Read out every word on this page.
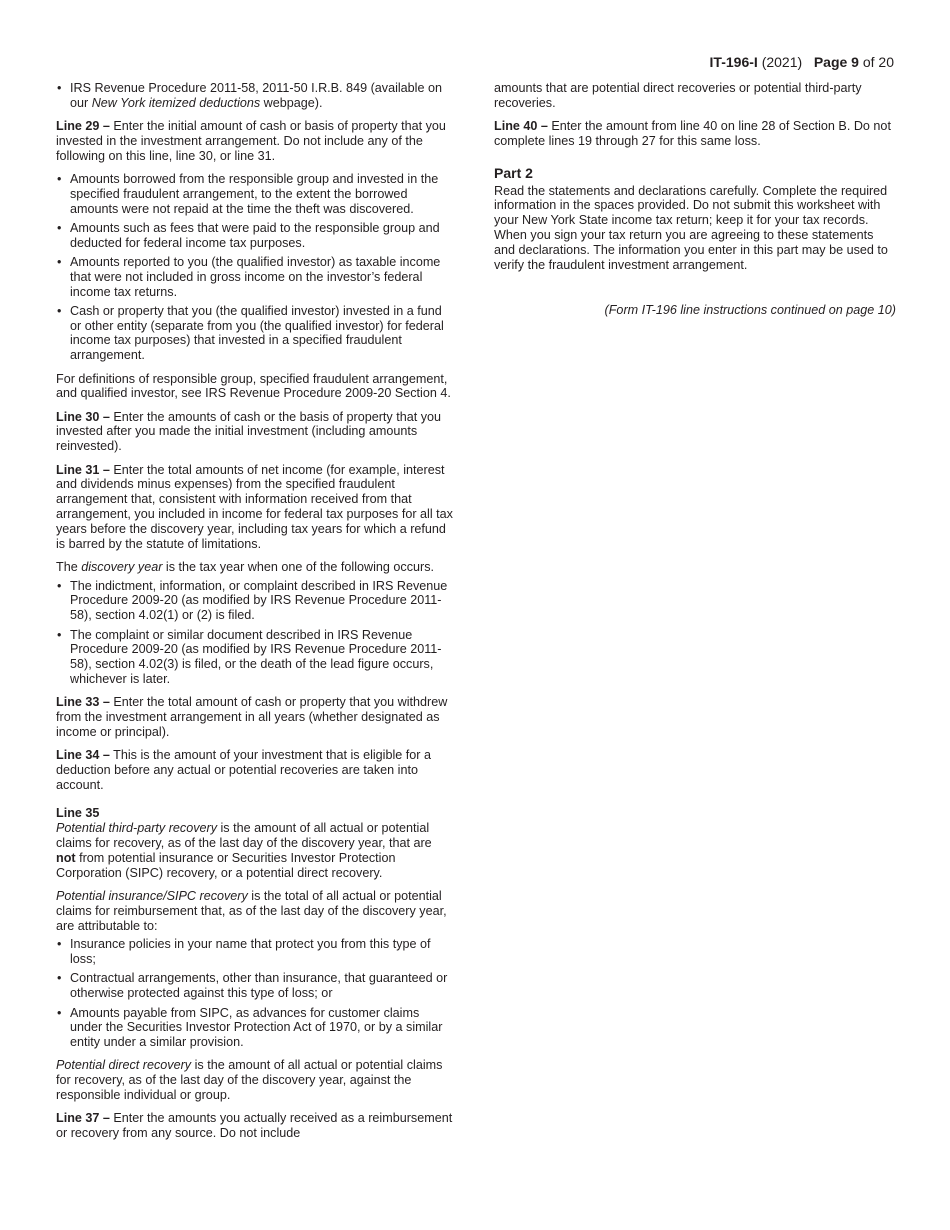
IT-196-I (2021) Page 9 of 20
• IRS Revenue Procedure 2011-58, 2011-50 I.R.B. 849 (available on our New York itemized deductions webpage).

Line 29 – Enter the initial amount of cash or basis of property that you invested in the investment arrangement. Do not include any of the following on this line, line 30, or line 31.

• Amounts borrowed from the responsible group and invested in the specified fraudulent arrangement, to the extent the borrowed amounts were not repaid at the time the theft was discovered.
• Amounts such as fees that were paid to the responsible group and deducted for federal income tax purposes.
• Amounts reported to you (the qualified investor) as taxable income that were not included in gross income on the investor’s federal income tax returns.
• Cash or property that you (the qualified investor) invested in a fund or other entity (separate from you (the qualified investor) for federal income tax purposes) that invested in a specified fraudulent arrangement.

For definitions of responsible group, specified fraudulent arrangement, and qualified investor, see IRS Revenue Procedure 2009-20 Section 4.

Line 30 – Enter the amounts of cash or the basis of property that you invested after you made the initial investment (including amounts reinvested).

Line 31 – Enter the total amounts of net income (for example, interest and dividends minus expenses) from the specified fraudulent arrangement that, consistent with information received from that arrangement, you included in income for federal tax purposes for all tax years before the discovery year, including tax years for which a refund is barred by the statute of limitations.

The discovery year is the tax year when one of the following occurs.

• The indictment, information, or complaint described in IRS Revenue Procedure 2009-20 (as modified by IRS Revenue Procedure 2011-58), section 4.02(1) or (2) is filed.
• The complaint or similar document described in IRS Revenue Procedure 2009-20 (as modified by IRS Revenue Procedure 2011-58), section 4.02(3) is filed, or the death of the lead figure occurs, whichever is later.

Line 33 – Enter the total amount of cash or property that you withdrew from the investment arrangement in all years (whether designated as income or principal).

Line 34 – This is the amount of your investment that is eligible for a deduction before any actual or potential recoveries are taken into account.

Line 35

Potential third-party recovery is the amount of all actual or potential claims for recovery, as of the last day of the discovery year, that are not from potential insurance or Securities Investor Protection Corporation (SIPC) recovery, or a potential direct recovery.

Potential insurance/SIPC recovery is the total of all actual or potential claims for reimbursement that, as of the last day of the discovery year, are attributable to:

• Insurance policies in your name that protect you from this type of loss;
• Contractual arrangements, other than insurance, that guaranteed or otherwise protected against this type of loss; or
• Amounts payable from SIPC, as advances for customer claims under the Securities Investor Protection Act of 1970, or by a similar entity under a similar provision.

Potential direct recovery is the amount of all actual or potential claims for recovery, as of the last day of the discovery year, against the responsible individual or group.

Line 37 – Enter the amounts you actually received as a reimbursement or recovery from any source. Do not include

amounts that are potential direct recoveries or potential third-party recoveries.

Line 40 – Enter the amount from line 40 on line 28 of Section B. Do not complete lines 19 through 27 for this same loss.

Part 2

Read the statements and declarations carefully. Complete the required information in the spaces provided. Do not submit this worksheet with your New York State income tax return; keep it for your tax records. When you sign your tax return you are agreeing to these statements and declarations. The information you enter in this part may be used to verify the fraudulent investment arrangement.

(Form IT-196 line instructions continued on page 10)
